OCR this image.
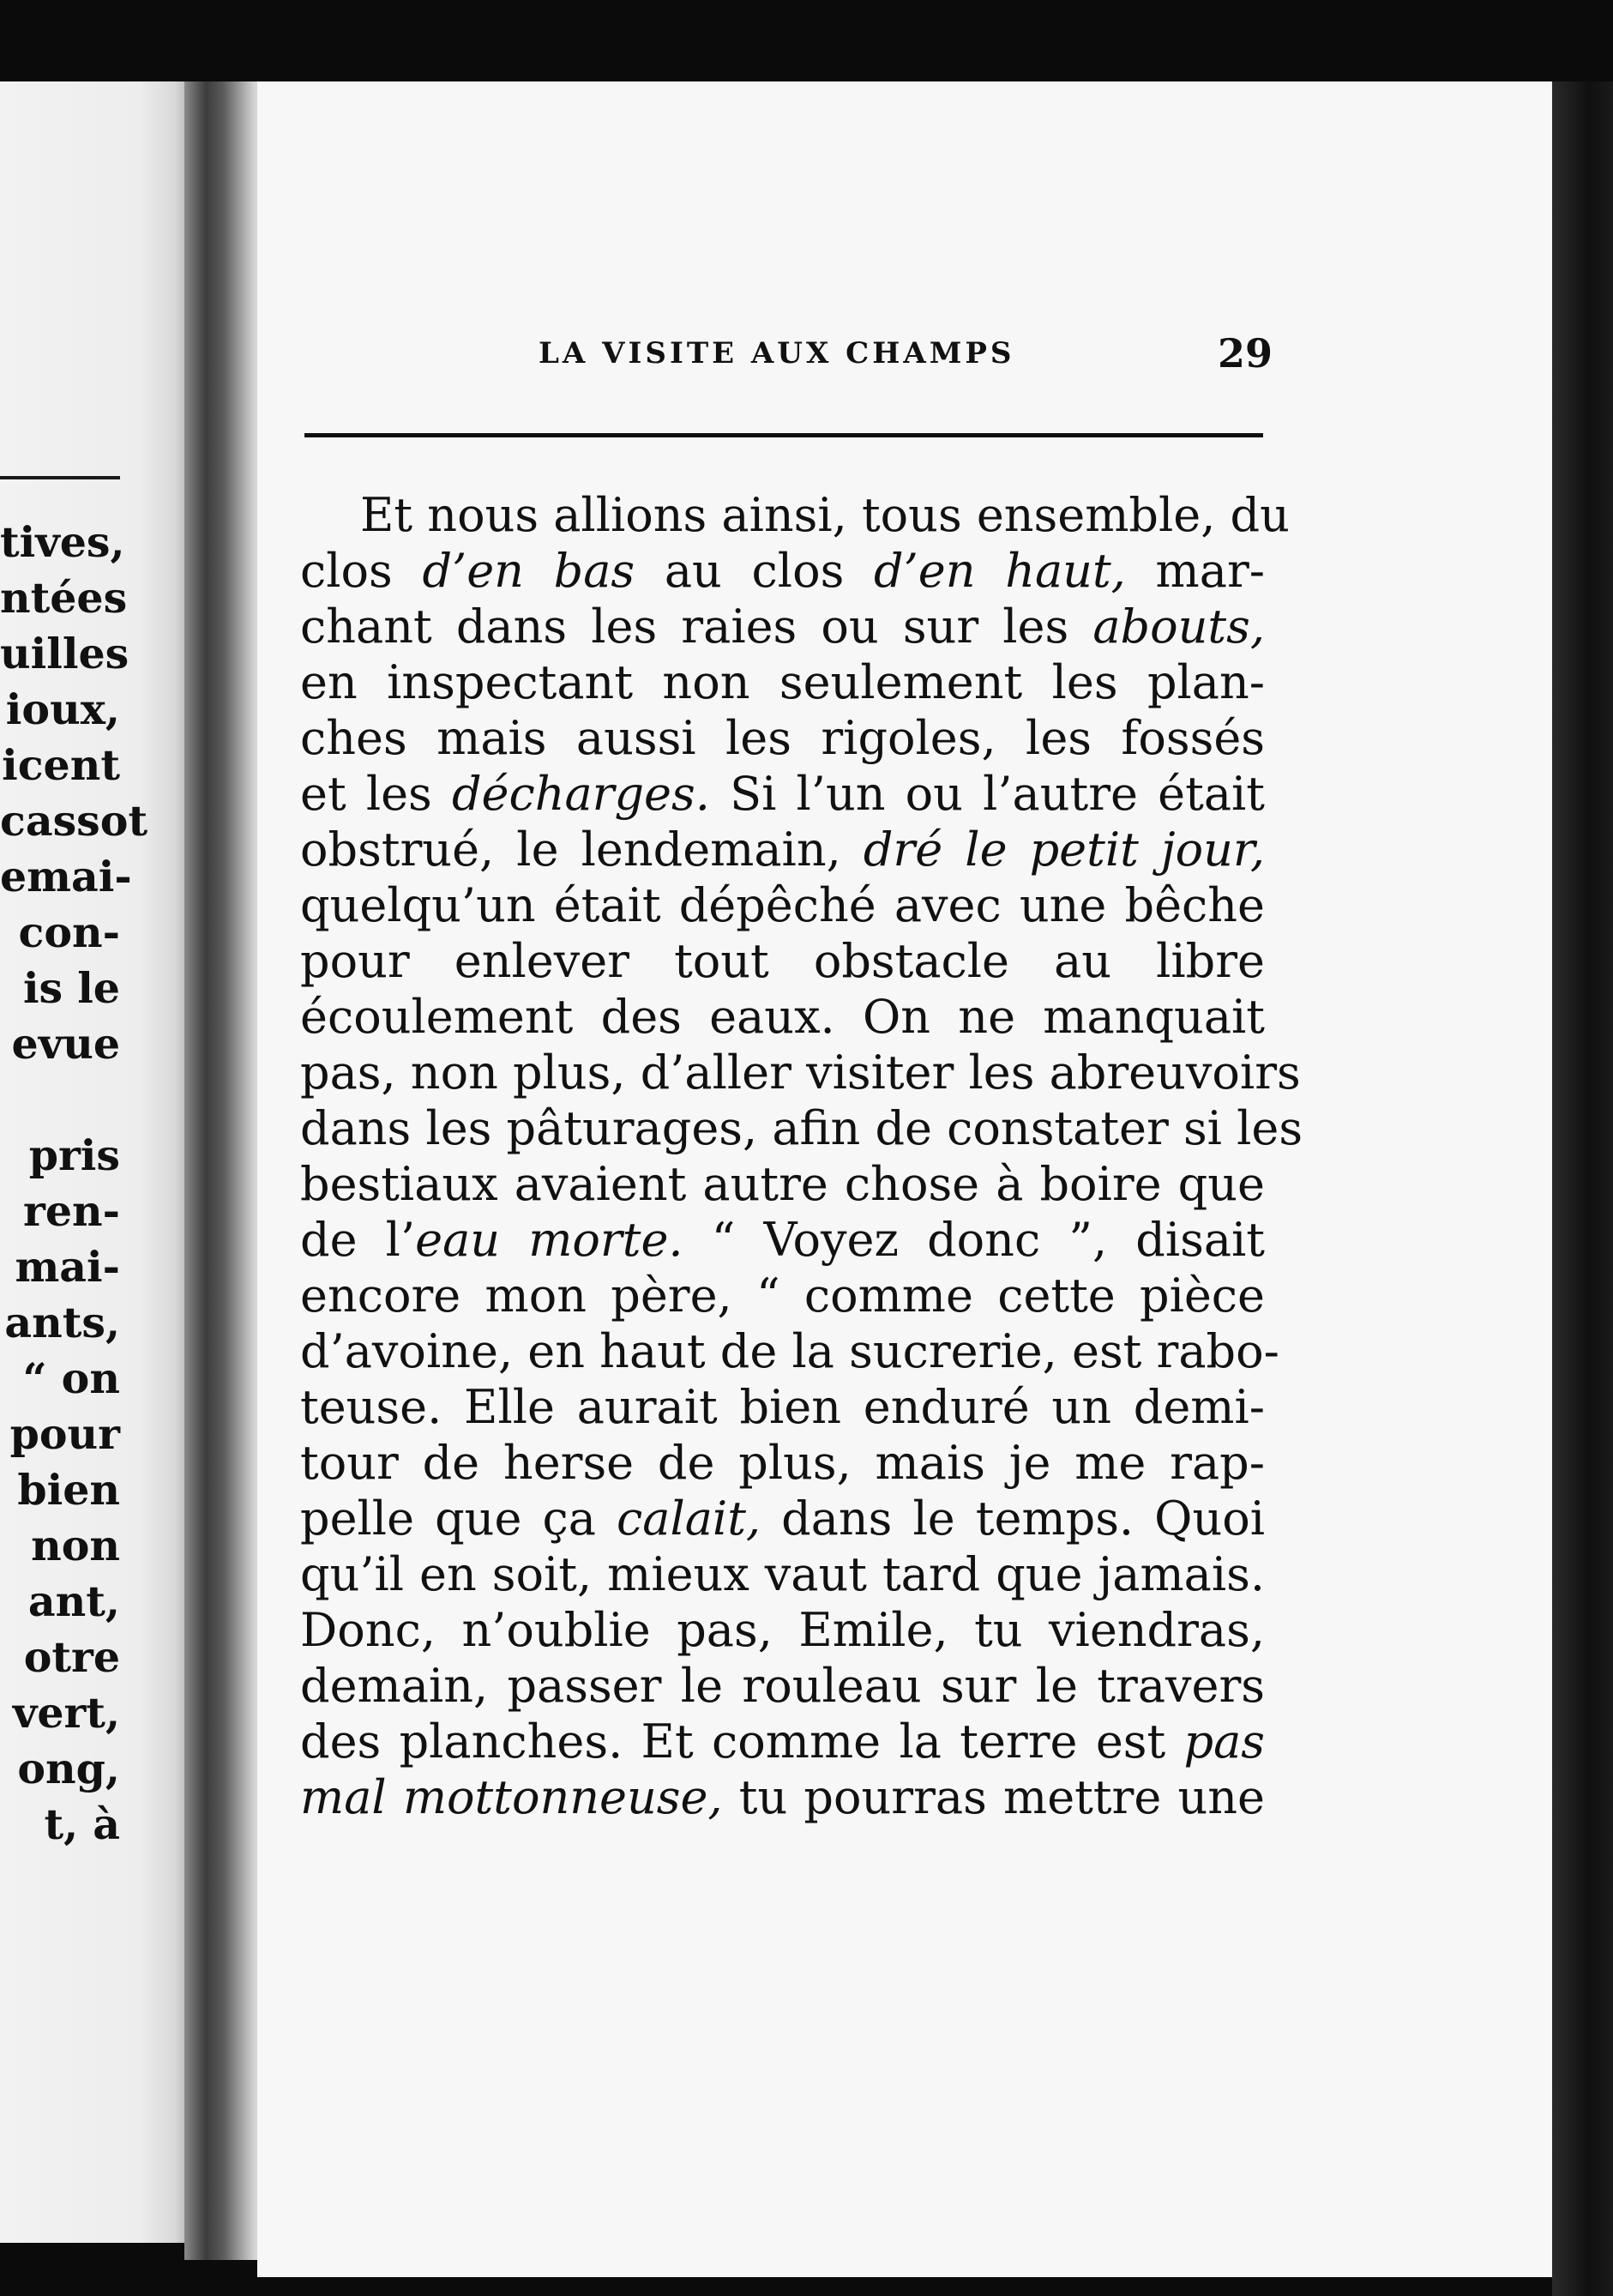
tives,
ntées
uilles
ioux,
icent
cassot
emai-
con-
is le
evue

pris
ren-
mai-
ants,
“ on
pour
bien
non
ant,
otre
vert,
ong,
t, à
LA VISITE AUX CHAMPS	29
Et nous allions ainsi, tous ensemble, du
clos d’en bas au clos d’en haut, mar-
chant dans les raies ou sur les abouts,
en inspectant non seulement les plan-
ches mais aussi les rigoles, les fossés
et les décharges. Si l’un ou l’autre était
obstrué, le lendemain, dré le petit jour,
quelqu’un était dépêché avec une bêche
pour enlever tout obstacle au libre
écoulement des eaux. On ne manquait
pas, non plus, d’aller visiter les abreuvoirs
dans les pâturages, afin de constater si les
bestiaux avaient autre chose à boire que
de l’eau morte. “ Voyez donc ”, disait
encore mon père, “ comme cette pièce
d’avoine, en haut de la sucrerie, est rabo-
teuse. Elle aurait bien enduré un demi-
tour de herse de plus, mais je me rap-
pelle que ça calait, dans le temps. Quoi
qu’il en soit, mieux vaut tard que jamais.
Donc, n’oublie pas, Emile, tu viendras,
demain, passer le rouleau sur le travers
des planches. Et comme la terre est pas
mal mottonneuse, tu pourras mettre une
